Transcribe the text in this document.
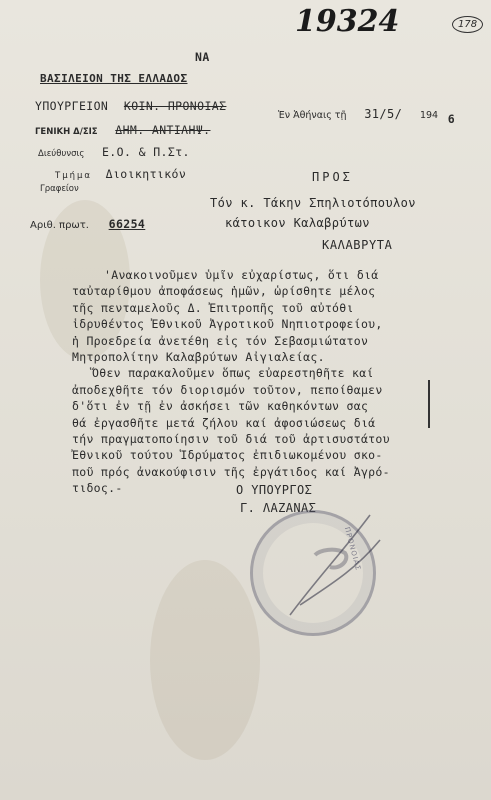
19324	178
ΝΑ
ΒΑΣΙΛΕΙΟΝ ΤΗΣ ΕΛΛΑΔΟΣ
ΥΠΟΥΡΓΕΙΟΝ ΚΟΙΝ. ΠΡΟΝΟΙΑΣ
ΓΕΝΙΚΗ Δ/ΣΙΣ ΔΗΜ. ΑΝΤΙΛΗΨ.
Διεύθυνσις Ε.Ο. & Π.Στ.
Τμήμα Διοικητικόν
Γραφείον
Αριθ. πρωτ. 66254
Ἐν Ἀθήναις τῇ 31/5/ 194 $_6$
ΠΡΟΣ
Τόν κ. Τάκην Σπηλιοτόπουλον
κάτοικον Καλαβρύτων
ΚΑΛΑΒΡΥΤΑ
'Ανακοινοῦμεν ὑμῖν εὐχαρίστως, ὅτι διά
ταὐταρίθμου ἀποφάσεως ἡμῶν, ὡρίσθητε μέλος
τῆς πενταμελοῦς Δ. Ἐπιτροπῆς τοῦ αὐτόθι
ἱδρυθέντος Ἐθνικοῦ Ἀγροτικοῦ Νηπιοτροφείου,
ἡ Προεδρεία ἀνετέθη εἰς τόν Σεβασμιώτατον
Μητροπολίτην Καλαβρύτων Αἰγιαλείας.
Ὅθεν παρακαλοῦμεν ὅπως εὐαρεστηθῆτε καί
ἀποδεχθῆτε τόν διορισμόν τοῦτον, πεποίθαμεν
δ'ὅτι ἐν τῇ ἐν ἀσκήσει τῶν καθηκόντων σας
θά ἐργασθῆτε μετά ζήλου καί ἀφοσιώσεως διά
τήν πραγματοποίησιν τοῦ διά τοῦ ἀρτισυστάτου
Ἐθνικοῦ τούτου Ἱδρύματος ἐπιδιωκομένου σκο-
ποῦ πρός ἀνακούφισιν τῆς ἐργάτιδος καί Ἀγρό-
τιδος.-	Ο ΥΠΟΥΡΓΟΣ
Γ. ΛΑΖΑΝΑΣ
ΠΡΟΝΟΙΑΣ
